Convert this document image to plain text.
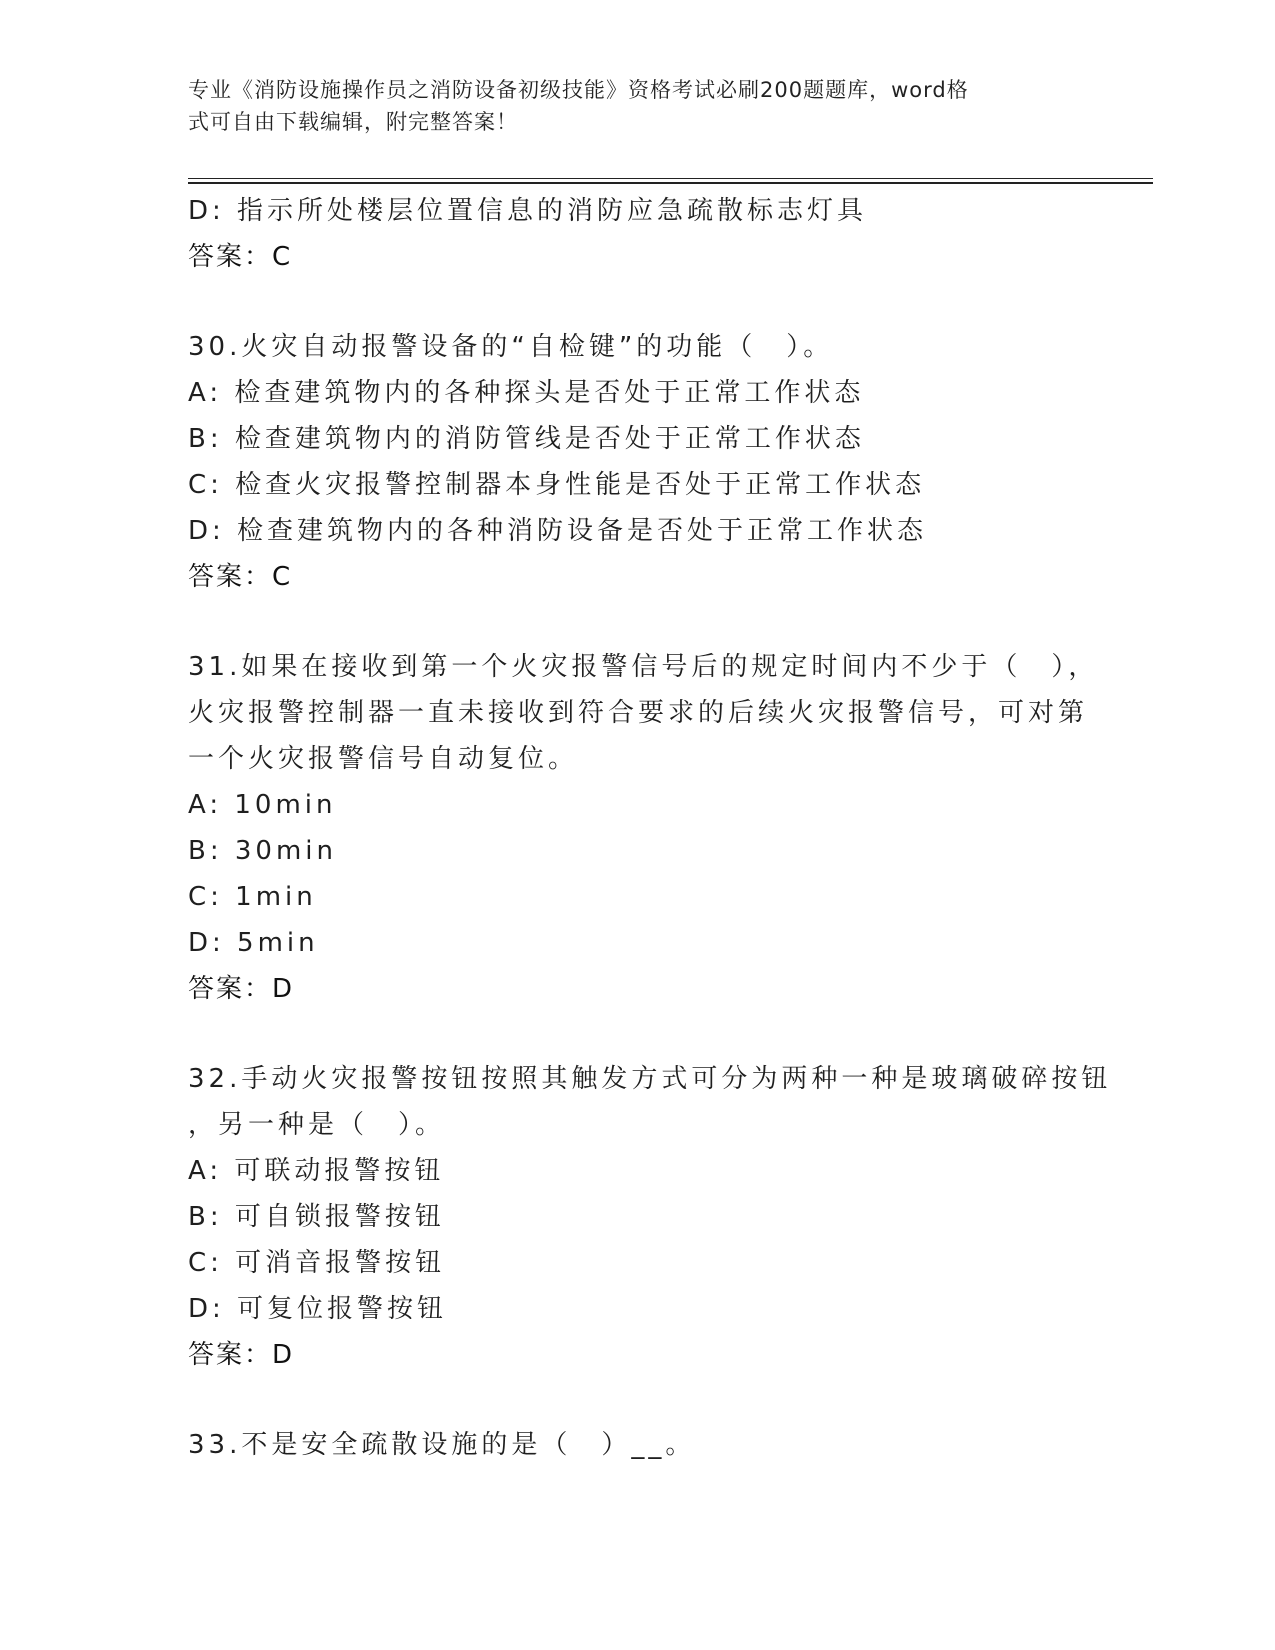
专业《消防设施操作员之消防设备初级技能》资格考试必刷200题题库，word格
式可自由下载编辑，附完整答案！
D: 指示所处楼层位置信息的消防应急疏散标志灯具
答案：C
30.火灾自动报警设备的“自检键”的功能（　）。
A: 检查建筑物内的各种探头是否处于正常工作状态
B: 检查建筑物内的消防管线是否处于正常工作状态
C: 检查火灾报警控制器本身性能是否处于正常工作状态
D: 检查建筑物内的各种消防设备是否处于正常工作状态
答案：C
31.如果在接收到第一个火灾报警信号后的规定时间内不少于（　），
火灾报警控制器一直未接收到符合要求的后续火灾报警信号，可对第
一个火灾报警信号自动复位。
A: 10min
B: 30min
C: 1min
D: 5min
答案：D
32.手动火灾报警按钮按照其触发方式可分为两种一种是玻璃破碎按钮
，另一种是（　）。
A: 可联动报警按钮
B: 可自锁报警按钮
C: 可消音报警按钮
D: 可复位报警按钮
答案：D
33.不是安全疏散设施的是（　）__。
